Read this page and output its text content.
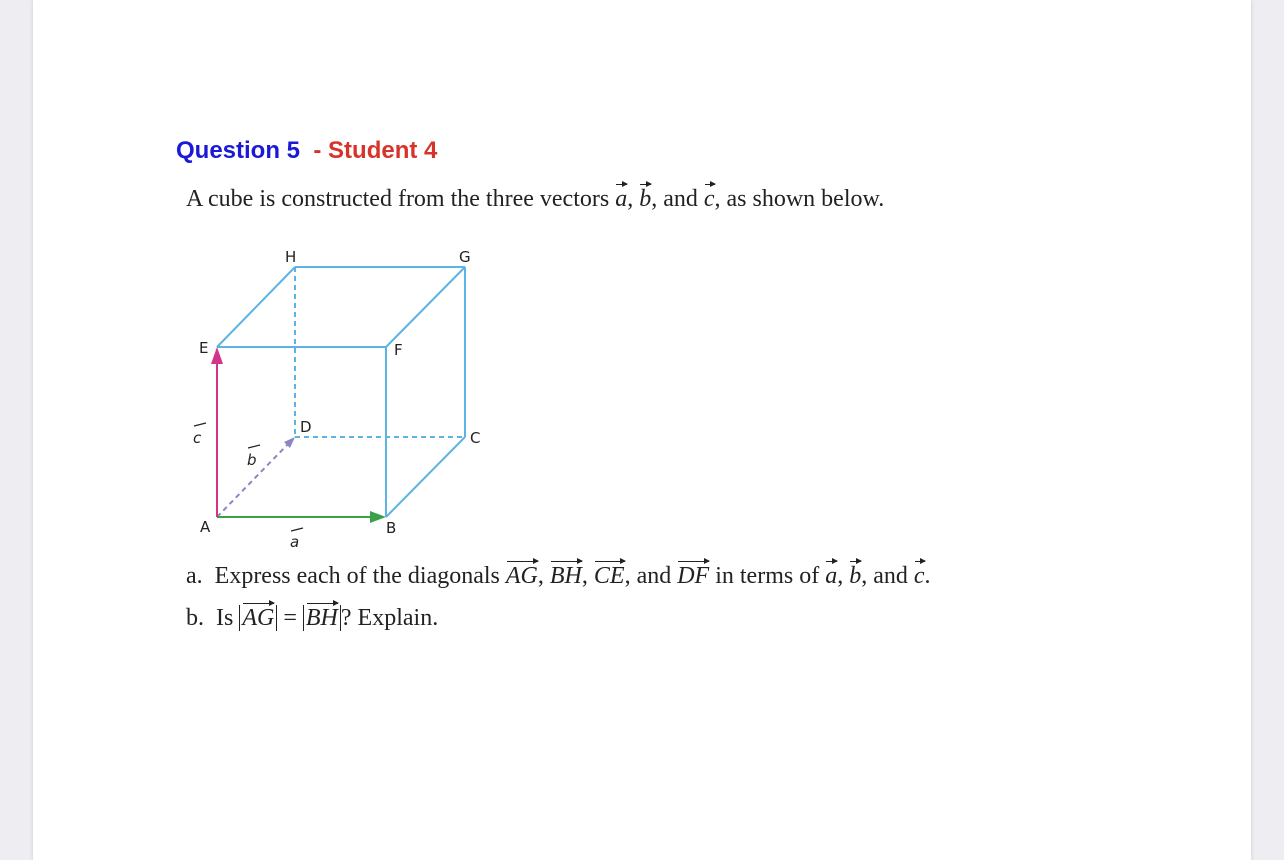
Question 5 - Student 4
A cube is constructed from the three vectors a, b, and c, as shown below.
H	G
E	F
D
C
A	B
c
b
a
a. Express each of the diagonals AG, BH, CE, and DF in terms of a, b, and c.
b. Is AG = BH ? Explain.
